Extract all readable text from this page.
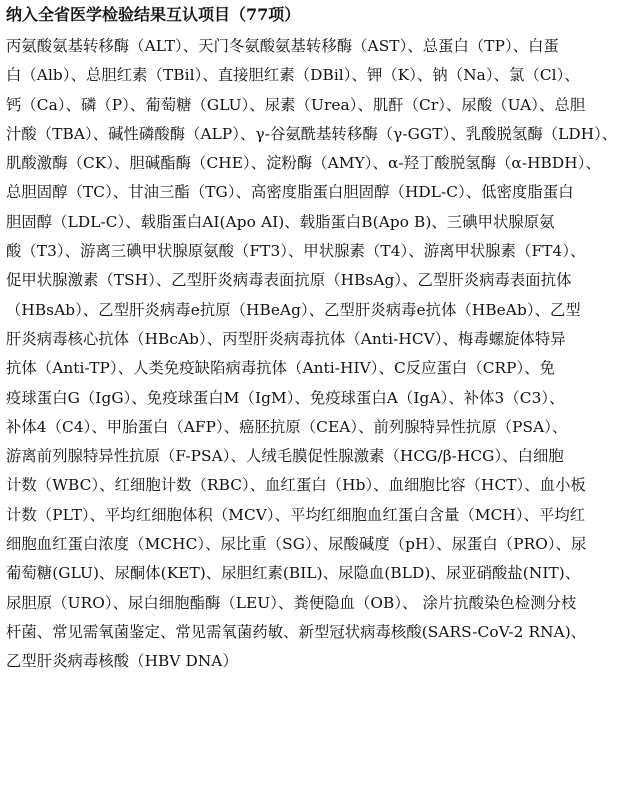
纳入全省医学检验结果互认项目（77项）
丙氨酸氨基转移酶（ALT）、天门冬氨酸氨基转移酶（AST）、总蛋白（TP）、白蛋
白（Alb）、总胆红素（TBil）、直接胆红素（DBil）、钾（K）、钠（Na）、氯（Cl）、
钙（Ca）、磷（P）、葡萄糖（GLU）、尿素（Urea）、肌酐（Cr）、尿酸（UA）、总胆
汁酸（TBA）、碱性磷酸酶（ALP）、γ-谷氨酰基转移酶（γ-GGT）、乳酸脱氢酶（LDH）、
肌酸激酶（CK）、胆碱酯酶（CHE）、淀粉酶（AMY）、α-羟丁酸脱氢酶（α-HBDH）、
总胆固醇（TC）、甘油三酯（TG）、高密度脂蛋白胆固醇（HDL-C）、低密度脂蛋白
胆固醇（LDL-C）、载脂蛋白AI(Apo AI)、载脂蛋白B(Apo B)、三碘甲状腺原氨
酸（T3）、游离三碘甲状腺原氨酸（FT3）、甲状腺素（T4）、游离甲状腺素（FT4）、
促甲状腺激素（TSH）、乙型肝炎病毒表面抗原（HBsAg）、乙型肝炎病毒表面抗体
（HBsAb）、乙型肝炎病毒e抗原（HBeAg）、乙型肝炎病毒e抗体（HBeAb）、乙型
肝炎病毒核心抗体（HBcAb）、丙型肝炎病毒抗体（Anti-HCV）、梅毒螺旋体特异
抗体（Anti-TP）、人类免疫缺陷病毒抗体（Anti-HIV）、C反应蛋白（CRP）、免
疫球蛋白G（IgG）、免疫球蛋白M（IgM）、免疫球蛋白A（IgA）、补体3（C3）、
补体4（C4）、甲胎蛋白（AFP）、癌胚抗原（CEA）、前列腺特异性抗原（PSA）、
游离前列腺特异性抗原（F-PSA）、人绒毛膜促性腺激素（HCG/β-HCG）、白细胞
计数（WBC）、红细胞计数（RBC）、血红蛋白（Hb）、血细胞比容（HCT）、血小板
计数（PLT）、平均红细胞体积（MCV）、平均红细胞血红蛋白含量（MCH）、平均红
细胞血红蛋白浓度（MCHC）、尿比重（SG）、尿酸碱度（pH）、尿蛋白（PRO）、尿
葡萄糖(GLU)、尿酮体(KET)、尿胆红素(BIL)、尿隐血(BLD)、尿亚硝酸盐(NIT)、
尿胆原（URO）、尿白细胞酯酶（LEU）、粪便隐血（OB）、 涂片抗酸染色检测分枝
杆菌、常见需氧菌鉴定、常见需氧菌药敏、新型冠状病毒核酸(SARS-CoV-2 RNA)、
乙型肝炎病毒核酸（HBV DNA）
